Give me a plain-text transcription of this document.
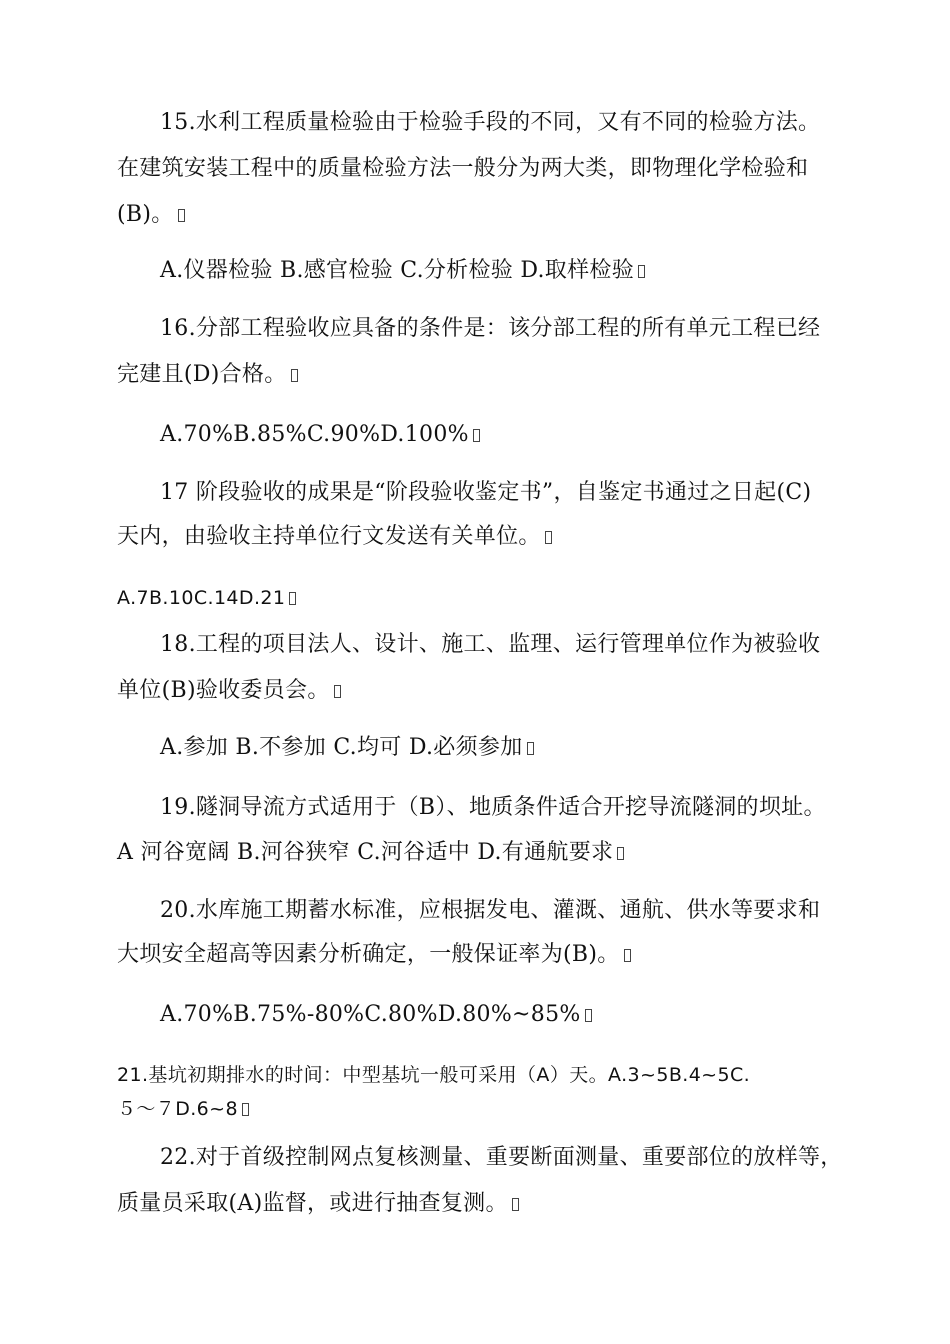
15.水利工程质量检验由于检验手段的不同，又有不同的检验方法。
在建筑安装工程中的质量检验方法一般分为两大类，即物理化学检验和
(B)。
A.仪器检验 B.感官检验 C.分析检验 D.取样检验
16.分部工程验收应具备的条件是：该分部工程的所有单元工程已经
完建且(D)合格。
A.70%B.85%C.90%D.100%
17 阶段验收的成果是“阶段验收鉴定书”，自鉴定书通过之日起(C)
天内，由验收主持单位行文发送有关单位。
A.7B.10C.14D.21
18.工程的项目法人、设计、施工、监理、运行管理单位作为被验收
单位(B)验收委员会。
A.参加 B.不参加 C.均可 D.必须参加
19.隧洞导流方式适用于（B）、地质条件适合开挖导流隧洞的坝址。
A 河谷宽阔 B.河谷狭窄 C.河谷适中 D.有通航要求
20.水库施工期蓄水标准，应根据发电、灌溉、通航、供水等要求和
大坝安全超高等因素分析确定，一般保证率为(B)。
A.70%B.75%-80%C.80%D.80%~85%
21.基坑初期排水的时间：中型基坑一般可采用（A）天。A.3~5B.4~5C.
５～７D.6~8
22.对于首级控制网点复核测量、重要断面测量、重要部位的放样等，
质量员采取(A)监督，或进行抽查复测。
